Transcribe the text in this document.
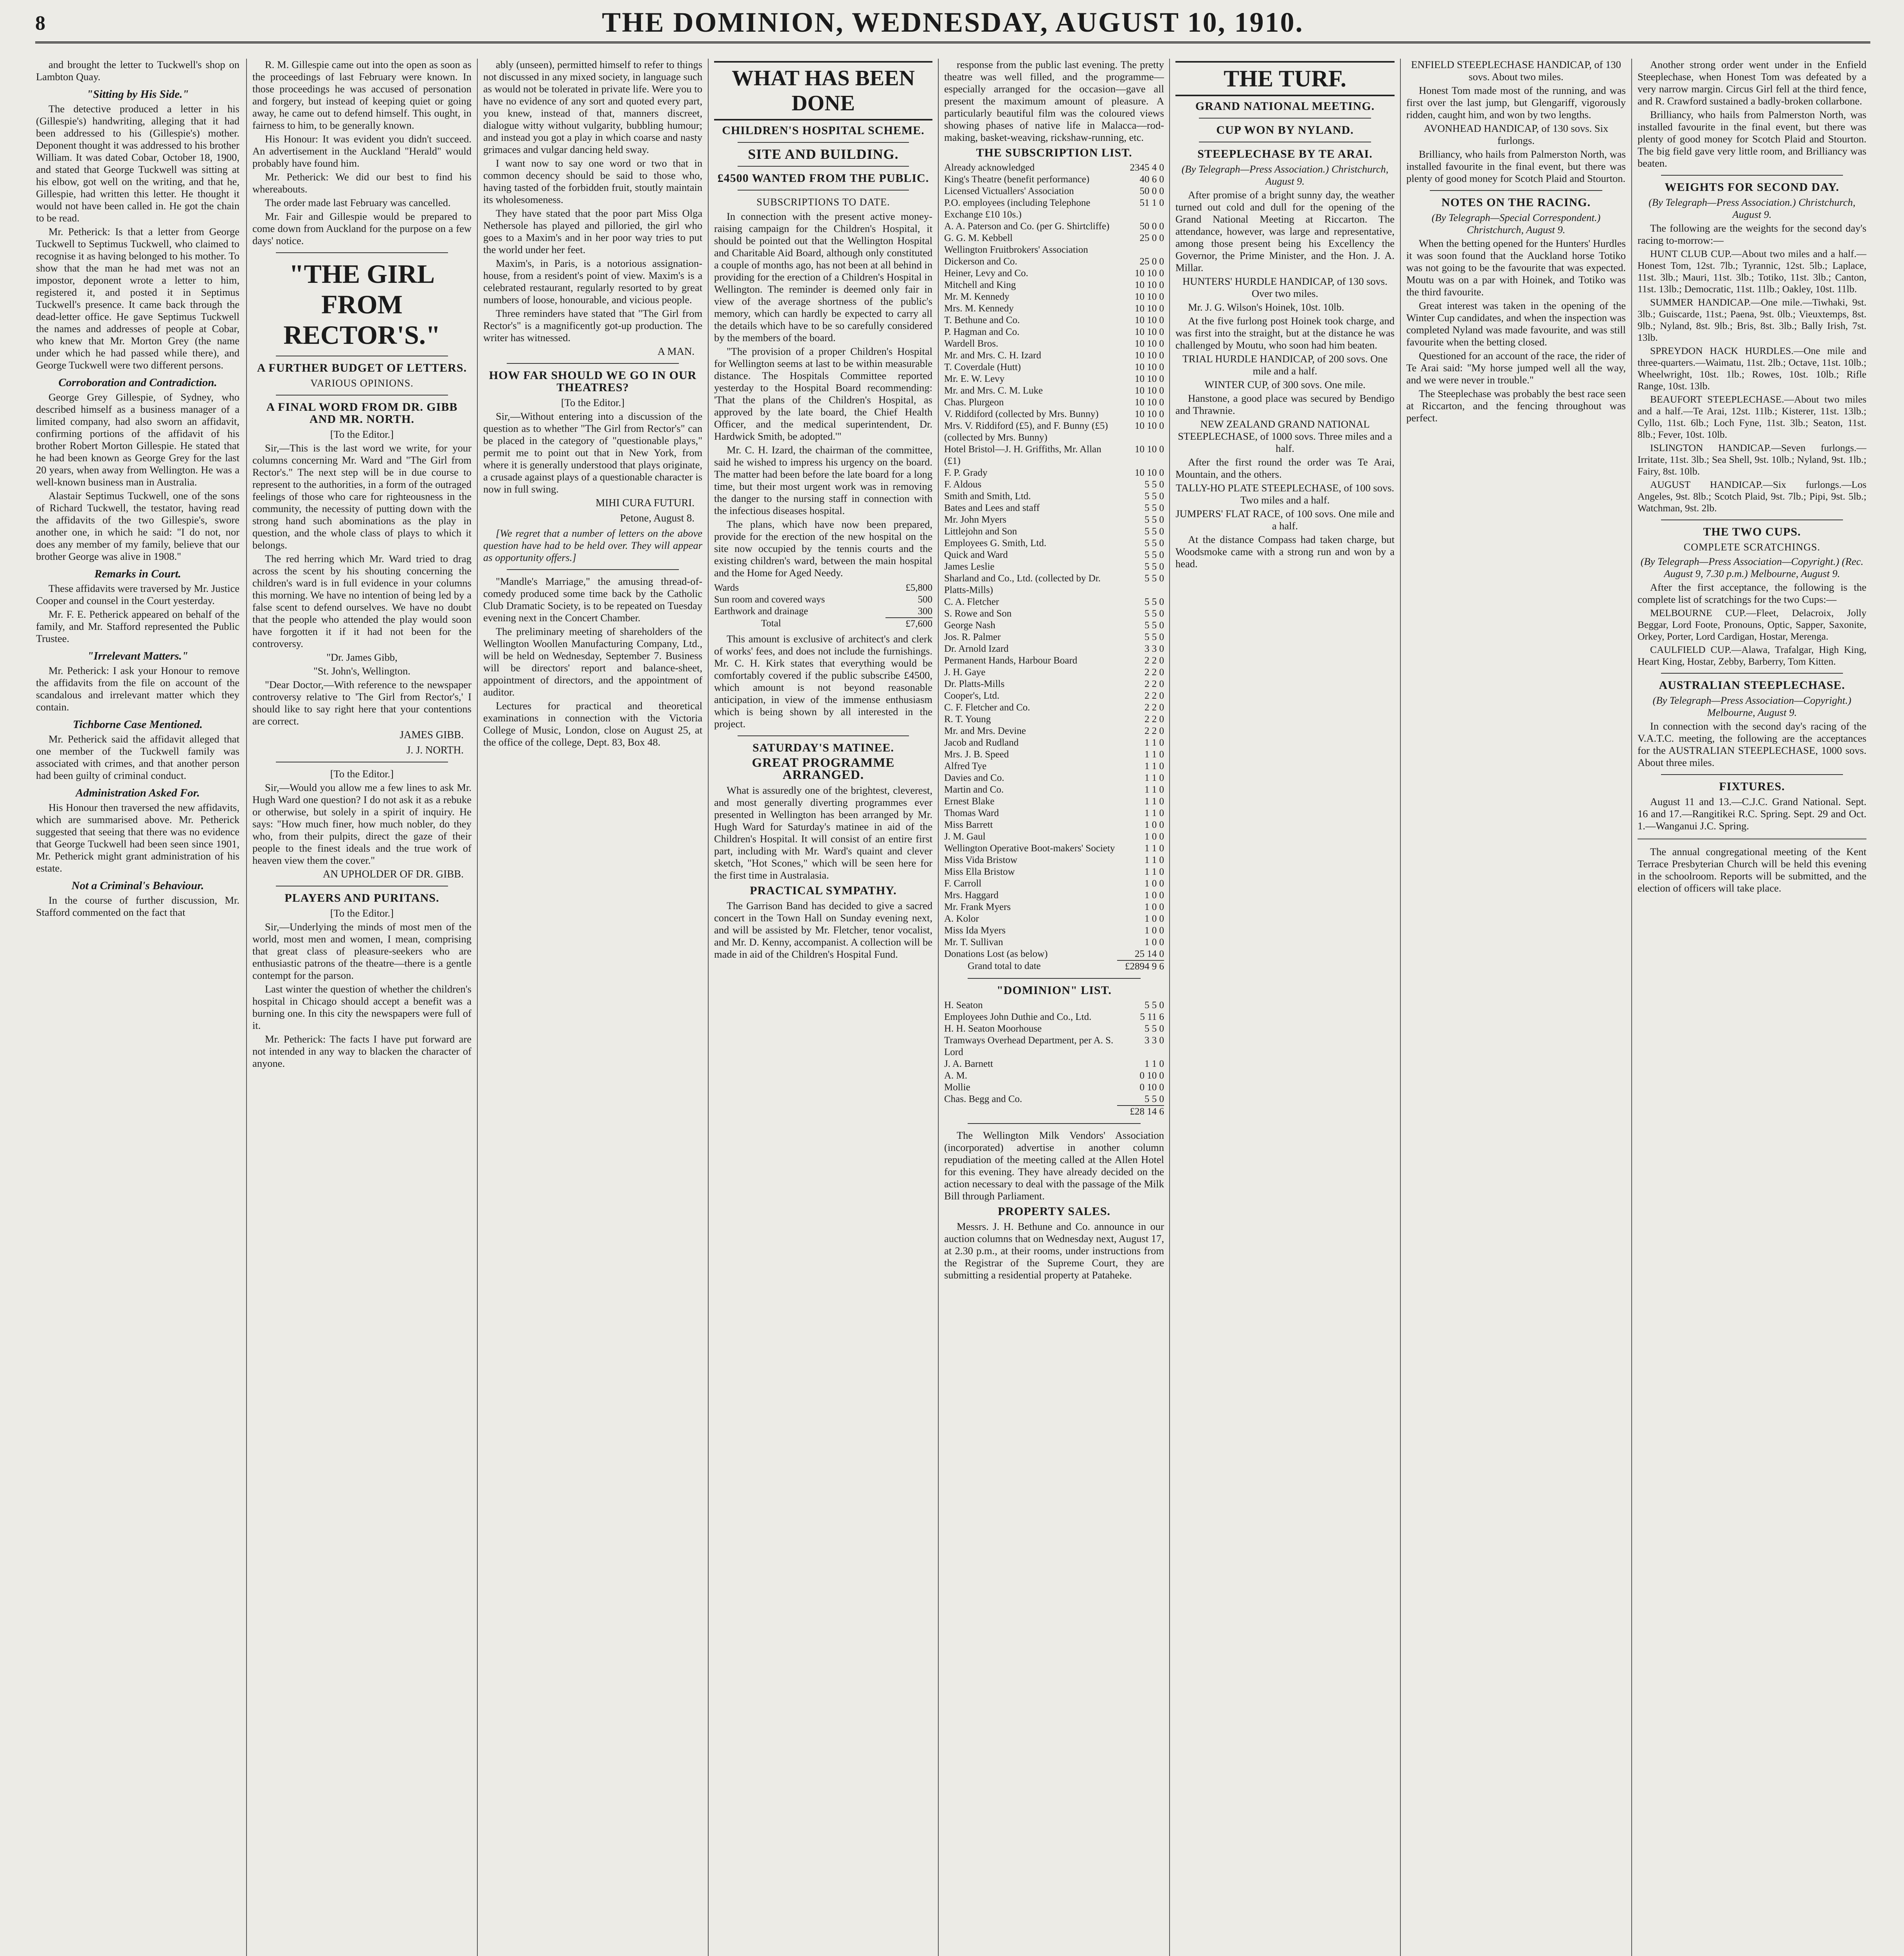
8	THE DOMINION, WEDNESDAY, AUGUST 10, 1910.

and brought the letter to Tuckwell's shop on Lambton Quay.

"Sitting by His Side."

The detective produced a letter in his (Gillespie's) handwriting, alleging that it had been addressed to his (Gillespie's) mother. Deponent thought it was addressed to his brother William. It was dated Cobar, October 18, 1900, and stated that George Tuckwell was sitting at his elbow, got well on the writing, and that he, Gillespie, had written this letter. He thought it would not have been called in. He got the chain to be read.

Mr. Petherick: Is that a letter from George Tuckwell to Septimus Tuckwell, who claimed to recognise it as having belonged to his mother. To show that the man he had met was not an impostor, deponent wrote a letter to him, registered it, and posted it in Septimus Tuckwell's presence. It came back through the dead-letter office. He gave Septimus Tuckwell the names and addresses of people at Cobar, who knew that Mr. Morton Grey (the name under which he had passed while there), and George Tuckwell were two different persons.

Corroboration and Contradiction.

George Grey Gillespie, of Sydney, who described himself as a business manager of a limited company, had also sworn an affidavit, confirming portions of the affidavit of his brother Robert Morton Gillespie. He stated that he had been known as George Grey for the last 20 years, when away from Wellington. He was a well-known business man in Australia.

Alastair Septimus Tuckwell, one of the sons of Richard Tuckwell, the testator, having read the affidavits of the two Gillespie's, swore another one, in which he said: "I do not, nor does any member of my family, believe that our brother George was alive in 1908."

Remarks in Court.

These affidavits were traversed by Mr. Justice Cooper and counsel in the Court yesterday.

Mr. F. E. Petherick appeared on behalf of the family, and Mr. Stafford represented the Public Trustee.

"Irrelevant Matters."

Mr. Petherick: I ask your Honour to remove the affidavits from the file on account of the scandalous and irrelevant matter which they contain.

Tichborne Case Mentioned.

Mr. Petherick said the affidavit alleged that one member of the Tuckwell family was associated with crimes, and that another person had been guilty of criminal conduct.

Administration Asked For.

His Honour then traversed the new affidavits, which are summarised above. Mr. Petherick suggested that seeing that there was no evidence that George Tuckwell had been seen since 1901, Mr. Petherick might grant administration of his estate.

Not a Criminal's Behaviour.

In the course of further discussion, Mr. Stafford commented on the fact that

R. M. Gillespie came out into the open as soon as the proceedings of last February were known. In those proceedings he was accused of personation and forgery, but instead of keeping quiet or going away, he came out to defend himself. This ought, in fairness to him, to be generally known.

His Honour: It was evident you didn't succeed. An advertisement in the Auckland "Herald" would probably have found him.

Mr. Petherick: We did our best to find his whereabouts.

The order made last February was cancelled.

Mr. Fair and Gillespie would be prepared to come down from Auckland for the purpose on a few days' notice.

"THE GIRL FROM RECTOR'S."
A FURTHER BUDGET OF LETTERS.
VARIOUS OPINIONS.
A FINAL WORD FROM DR. GIBB AND MR. NORTH.

[To the Editor.]

Sir,—This is the last word we write, for your columns concerning Mr. Ward and "The Girl from Rector's." The next step will be in due course to represent to the authorities, in a form of the outraged feelings of those who care for righteousness in the community, the necessity of putting down with the strong hand such abominations as the play in question, and the whole class of plays to which it belongs.

The red herring which Mr. Ward tried to drag across the scent by his shouting concerning the children's ward is in full evidence in your columns this morning. We have no intention of being led by a false scent to defend ourselves. We have no doubt that the people who attended the play would soon have forgotten it if it had not been for the controversy.

"Dr. James Gibb,

"St. John's, Wellington.

"Dear Doctor,—With reference to the newspaper controversy relative to 'The Girl from Rector's,' I should like to say right here that your contentions are correct.

JAMES GIBB.
J. J. NORTH.

[To the Editor.]

Sir,—Would you allow me a few lines to ask Mr. Hugh Ward one question? I do not ask it as a rebuke or otherwise, but solely in a spirit of inquiry. He says: "How much finer, how much nobler, do they who, from their pulpits, direct the gaze of their people to the finest ideals and the true work of heaven view them the cover."

AN UPHOLDER OF DR. GIBB.
PLAYERS AND PURITANS.

[To the Editor.]

Sir,—Underlying the minds of most men of the world, most men and women, I mean, comprising that great class of pleasure-seekers who are enthusiastic patrons of the theatre—there is a gentle contempt for the parson.

Last winter the question of whether the children's hospital in Chicago should accept a benefit was a burning one. In this city the newspapers were full of it.

Mr. Petherick: The facts I have put forward are not intended in any way to blacken the character of anyone.

ably (unseen), permitted himself to refer to things not discussed in any mixed society, in language such as would not be tolerated in private life. Were you to have no evidence of any sort and quoted every part, you knew, instead of that, manners discreet, dialogue witty without vulgarity, bubbling humour; and instead you got a play in which coarse and nasty grimaces and vulgar dancing held sway.

I want now to say one word or two that in common decency should be said to those who, having tasted of the forbidden fruit, stoutly maintain its wholesomeness.

They have stated that the poor part Miss Olga Nethersole has played and pilloried, the girl who goes to a Maxim's and in her poor way tries to put the world under her feet.

Maxim's, in Paris, is a notorious assignation-house, from a resident's point of view. Maxim's is a celebrated restaurant, regularly resorted to by great numbers of loose, honourable, and vicious people.

Three reminders have stated that "The Girl from Rector's" is a magnificently got-up production. The writer has witnessed.

A MAN.
HOW FAR SHOULD WE GO IN OUR THEATRES?

[To the Editor.]

Sir,—Without entering into a discussion of the question as to whether "The Girl from Rector's" can be placed in the category of "questionable plays," permit me to point out that in New York, from where it is generally understood that plays originate, a crusade against plays of a questionable character is now in full swing.

MIHI CURA FUTURI.
Petone, August 8.

[We regret that a number of letters on the above question have had to be held over. They will appear as opportunity offers.]

"Mandle's Marriage," the amusing thread-of-comedy produced some time back by the Catholic Club Dramatic Society, is to be repeated on Tuesday evening next in the Concert Chamber.

The preliminary meeting of shareholders of the Wellington Woollen Manufacturing Company, Ltd., will be held on Wednesday, September 7. Business will be directors' report and balance-sheet, appointment of directors, and the appointment of auditor.

Lectures for practical and theoretical examinations in connection with the Victoria College of Music, London, close on August 25, at the office of the college, Dept. 83, Box 48.

WHAT HAS BEEN DONE
CHILDREN'S HOSPITAL SCHEME.
SITE AND BUILDING.
£4500 WANTED FROM THE PUBLIC.
SUBSCRIPTIONS TO DATE.

In connection with the present active money-raising campaign for the Children's Hospital, it should be pointed out that the Wellington Hospital and Charitable Aid Board, although only constituted a couple of months ago, has not been at all behind in providing for the erection of a Children's Hospital in Wellington. The reminder is deemed only fair in view of the average shortness of the public's memory, which can hardly be expected to carry all the details which have to be so carefully considered by the members of the board.

"The provision of a proper Children's Hospital for Wellington seems at last to be within measurable distance. The Hospitals Committee reported yesterday to the Hospital Board recommending: 'That the plans of the Children's Hospital, as approved by the late board, the Chief Health Officer, and the medical superintendent, Dr. Hardwick Smith, be adopted.'"

Mr. C. H. Izard, the chairman of the committee, said he wished to impress his urgency on the board. The matter had been before the late board for a long time, but their most urgent work was in removing the danger to the nursing staff in connection with the infectious diseases hospital.

The plans, which have now been prepared, provide for the erection of the new hospital on the site now occupied by the tennis courts and the existing children's ward, between the main hospital and the Home for Aged Needy.

Wards	£5,800
Sun room and covered ways	500
Earthwork and drainage	300
Total	£7,600

This amount is exclusive of architect's and clerk of works' fees, and does not include the furnishings. Mr. C. H. Kirk states that everything would be comfortably covered if the public subscribe £4500, which amount is not beyond reasonable anticipation, in view of the immense enthusiasm which is being shown by all interested in the project.

SATURDAY'S MATINEE.
GREAT PROGRAMME ARRANGED.

What is assuredly one of the brightest, cleverest, and most generally diverting programmes ever presented in Wellington has been arranged by Mr. Hugh Ward for Saturday's matinee in aid of the Children's Hospital. It will consist of an entire first part, including with Mr. Ward's quaint and clever sketch, "Hot Scones," which will be seen here for the first time in Australasia.

PRACTICAL SYMPATHY.

The Garrison Band has decided to give a sacred concert in the Town Hall on Sunday evening next, and will be assisted by Mr. Fletcher, tenor vocalist, and Mr. D. Kenny, accompanist. A collection will be made in aid of the Children's Hospital Fund.

response from the public last evening. The pretty theatre was well filled, and the programme—especially arranged for the occasion—gave all present the maximum amount of pleasure. A particularly beautiful film was the coloured views showing phases of native life in Malacca—rod-making, basket-weaving, rickshaw-running, etc.

THE SUBSCRIPTION LIST.
Already acknowledged	2345 4 0
King's Theatre (benefit performance)	40 6 0
Licensed Victuallers' Association	50 0 0
P.O. employees (including Telephone Exchange £10 10s.)	51 1 0
A. A. Paterson and Co. (per G. Shirtcliffe)	50 0 0
G. G. M. Kebbell	25 0 0
Wellington Fruitbrokers' Association	
Dickerson and Co.	25 0 0
Heiner, Levy and Co.	10 10 0
Mitchell and King	10 10 0
Mr. M. Kennedy	10 10 0
Mrs. M. Kennedy	10 10 0
T. Bethune and Co.	10 10 0
P. Hagman and Co.	10 10 0
Wardell Bros.	10 10 0
Mr. and Mrs. C. H. Izard	10 10 0
T. Coverdale (Hutt)	10 10 0
Mr. E. W. Levy	10 10 0
Mr. and Mrs. C. M. Luke	10 10 0
Chas. Plurgeon	10 10 0
V. Riddiford (collected by Mrs. Bunny)	10 10 0
Mrs. V. Riddiford (£5), and F. Bunny (£5) (collected by Mrs. Bunny)	10 10 0
Hotel Bristol—J. H. Griffiths, Mr. Allan (£1)	10 10 0
F. P. Grady	10 10 0
F. Aldous	5 5 0
Smith and Smith, Ltd.	5 5 0
Bates and Lees and staff	5 5 0
Mr. John Myers	5 5 0
Littlejohn and Son	5 5 0
Employees G. Smith, Ltd.	5 5 0
Quick and Ward	5 5 0
James Leslie	5 5 0
Sharland and Co., Ltd. (collected by Dr. Platts-Mills)	5 5 0
C. A. Fletcher	5 5 0
S. Rowe and Son	5 5 0
George Nash	5 5 0
Jos. R. Palmer	5 5 0
Dr. Arnold Izard	3 3 0
Permanent Hands, Harbour Board	2 2 0
J. H. Gaye	2 2 0
Dr. Platts-Mills	2 2 0
Cooper's, Ltd.	2 2 0
C. F. Fletcher and Co.	2 2 0
R. T. Young	2 2 0
Mr. and Mrs. Devine	2 2 0
Jacob and Rudland	1 1 0
Mrs. J. B. Speed	1 1 0
Alfred Tye	1 1 0
Davies and Co.	1 1 0
Martin and Co.	1 1 0
Ernest Blake	1 1 0
Thomas Ward	1 1 0
Miss Barrett	1 0 0
J. M. Gaul	1 0 0
Wellington Operative Boot-makers' Society	1 1 0
Miss Vida Bristow	1 1 0
Miss Ella Bristow	1 1 0
F. Carroll	1 0 0
Mrs. Haggard	1 0 0
Mr. Frank Myers	1 0 0
A. Kolor	1 0 0
Miss Ida Myers	1 0 0
Mr. T. Sullivan	1 0 0
Donations Lost (as below)	25 14 0
Grand total to date	£2894 9 6
"DOMINION" LIST.
H. Seaton	5 5 0
Employees John Duthie and Co., Ltd.	5 11 6
H. H. Seaton Moorhouse	5 5 0
Tramways Overhead Department, per A. S. Lord	3 3 0
J. A. Barnett	1 1 0
A. M.	0 10 0
Mollie	0 10 0
Chas. Begg and Co.	5 5 0
	£28 14 6

The Wellington Milk Vendors' Association (incorporated) advertise in another column repudiation of the meeting called at the Allen Hotel for this evening. They have already decided on the action necessary to deal with the passage of the Milk Bill through Parliament.

PROPERTY SALES.

Messrs. J. H. Bethune and Co. announce in our auction columns that on Wednesday next, August 17, at 2.30 p.m., at their rooms, under instructions from the Registrar of the Supreme Court, they are submitting a residential property at Pataheke.

THE TURF.
GRAND NATIONAL MEETING.
CUP WON BY NYLAND.
STEEPLECHASE BY TE ARAI.

(By Telegraph—Press Association.) Christchurch, August 9.

After promise of a bright sunny day, the weather turned out cold and dull for the opening of the Grand National Meeting at Riccarton. The attendance, however, was large and representative, among those present being his Excellency the Governor, the Prime Minister, and the Hon. J. A. Millar.

HUNTERS' HURDLE HANDICAP, of 130 sovs. Over two miles.

Mr. J. G. Wilson's Hoinek, 10st. 10lb.

At the five furlong post Hoinek took charge, and was first into the straight, but at the distance he was challenged by Moutu, who soon had him beaten.

TRIAL HURDLE HANDICAP, of 200 sovs. One mile and a half.

WINTER CUP, of 300 sovs. One mile.

Hanstone, a good place was secured by Bendigo and Thrawnie.

NEW ZEALAND GRAND NATIONAL STEEPLECHASE, of 1000 sovs. Three miles and a half.

After the first round the order was Te Arai, Mountain, and the others.

TALLY-HO PLATE STEEPLECHASE, of 100 sovs. Two miles and a half.

JUMPERS' FLAT RACE, of 100 sovs. One mile and a half.

At the distance Compass had taken charge, but Woodsmoke came with a strong run and won by a head.

ENFIELD STEEPLECHASE HANDICAP, of 130 sovs. About two miles.

Honest Tom made most of the running, and was first over the last jump, but Glengariff, vigorously ridden, caught him, and won by two lengths.

AVONHEAD HANDICAP, of 130 sovs. Six furlongs.

Brilliancy, who hails from Palmerston North, was installed favourite in the final event, but there was plenty of good money for Scotch Plaid and Stourton.

NOTES ON THE RACING.

(By Telegraph—Special Correspondent.) Christchurch, August 9.

When the betting opened for the Hunters' Hurdles it was soon found that the Auckland horse Totiko was not going to be the favourite that was expected. Moutu was on a par with Hoinek, and Totiko was the third favourite.

Great interest was taken in the opening of the Winter Cup candidates, and when the inspection was completed Nyland was made favourite, and was still favourite when the betting closed.

Questioned for an account of the race, the rider of Te Arai said: "My horse jumped well all the way, and we were never in trouble."

The Steeplechase was probably the best race seen at Riccarton, and the fencing throughout was perfect.

Another strong order went under in the Enfield Steeplechase, when Honest Tom was defeated by a very narrow margin. Circus Girl fell at the third fence, and R. Crawford sustained a badly-broken collarbone.

Brilliancy, who hails from Palmerston North, was installed favourite in the final event, but there was plenty of good money for Scotch Plaid and Stourton. The big field gave very little room, and Brilliancy was beaten.

WEIGHTS FOR SECOND DAY.

(By Telegraph—Press Association.) Christchurch, August 9.

The following are the weights for the second day's racing to-morrow:—

HUNT CLUB CUP.—About two miles and a half.—Honest Tom, 12st. 7lb.; Tyrannic, 12st. 5lb.; Laplace, 11st. 3lb.; Mauri, 11st. 3lb.; Totiko, 11st. 3lb.; Canton, 11st. 13lb.; Democratic, 11st. 11lb.; Oakley, 10st. 11lb.

SUMMER HANDICAP.—One mile.—Tiwhaki, 9st. 3lb.; Guiscarde, 11st.; Paena, 9st. 0lb.; Vieuxtemps, 8st. 9lb.; Nyland, 8st. 9lb.; Bris, 8st. 3lb.; Bally Irish, 7st. 13lb.

SPREYDON HACK HURDLES.—One mile and three-quarters.—Waimatu, 11st. 2lb.; Octave, 11st. 10lb.; Wheelwright, 10st. 1lb.; Rowes, 10st. 10lb.; Rifle Range, 10st. 13lb.

BEAUFORT STEEPLECHASE.—About two miles and a half.—Te Arai, 12st. 11lb.; Kisterer, 11st. 13lb.; Cyllo, 11st. 6lb.; Loch Fyne, 11st. 3lb.; Seaton, 11st. 8lb.; Fever, 10st. 10lb.

ISLINGTON HANDICAP.—Seven furlongs.—Irritate, 11st. 3lb.; Sea Shell, 9st. 10lb.; Nyland, 9st. 1lb.; Fairy, 8st. 10lb.

AUGUST HANDICAP.—Six furlongs.—Los Angeles, 9st. 8lb.; Scotch Plaid, 9st. 7lb.; Pipi, 9st. 5lb.; Watchman, 9st. 2lb.

THE TWO CUPS.
COMPLETE SCRATCHINGS.

(By Telegraph—Press Association—Copyright.) (Rec. August 9, 7.30 p.m.) Melbourne, August 9.

After the first acceptance, the following is the complete list of scratchings for the two Cups:—

MELBOURNE CUP.—Fleet, Delacroix, Jolly Beggar, Lord Foote, Pronouns, Optic, Sapper, Saxonite, Orkey, Porter, Lord Cardigan, Hostar, Merenga.

CAULFIELD CUP.—Alawa, Trafalgar, High King, Heart King, Hostar, Zebby, Barberry, Tom Kitten.

AUSTRALIAN STEEPLECHASE.

(By Telegraph—Press Association—Copyright.) Melbourne, August 9.

In connection with the second day's racing of the V.A.T.C. meeting, the following are the acceptances for the AUSTRALIAN STEEPLECHASE, 1000 sovs. About three miles.

FIXTURES.

August 11 and 13.—C.J.C. Grand National. Sept. 16 and 17.—Rangitikei R.C. Spring. Sept. 29 and Oct. 1.—Wanganui J.C. Spring.

The annual congregational meeting of the Kent Terrace Presbyterian Church will be held this evening in the schoolroom. Reports will be submitted, and the election of officers will take place.
